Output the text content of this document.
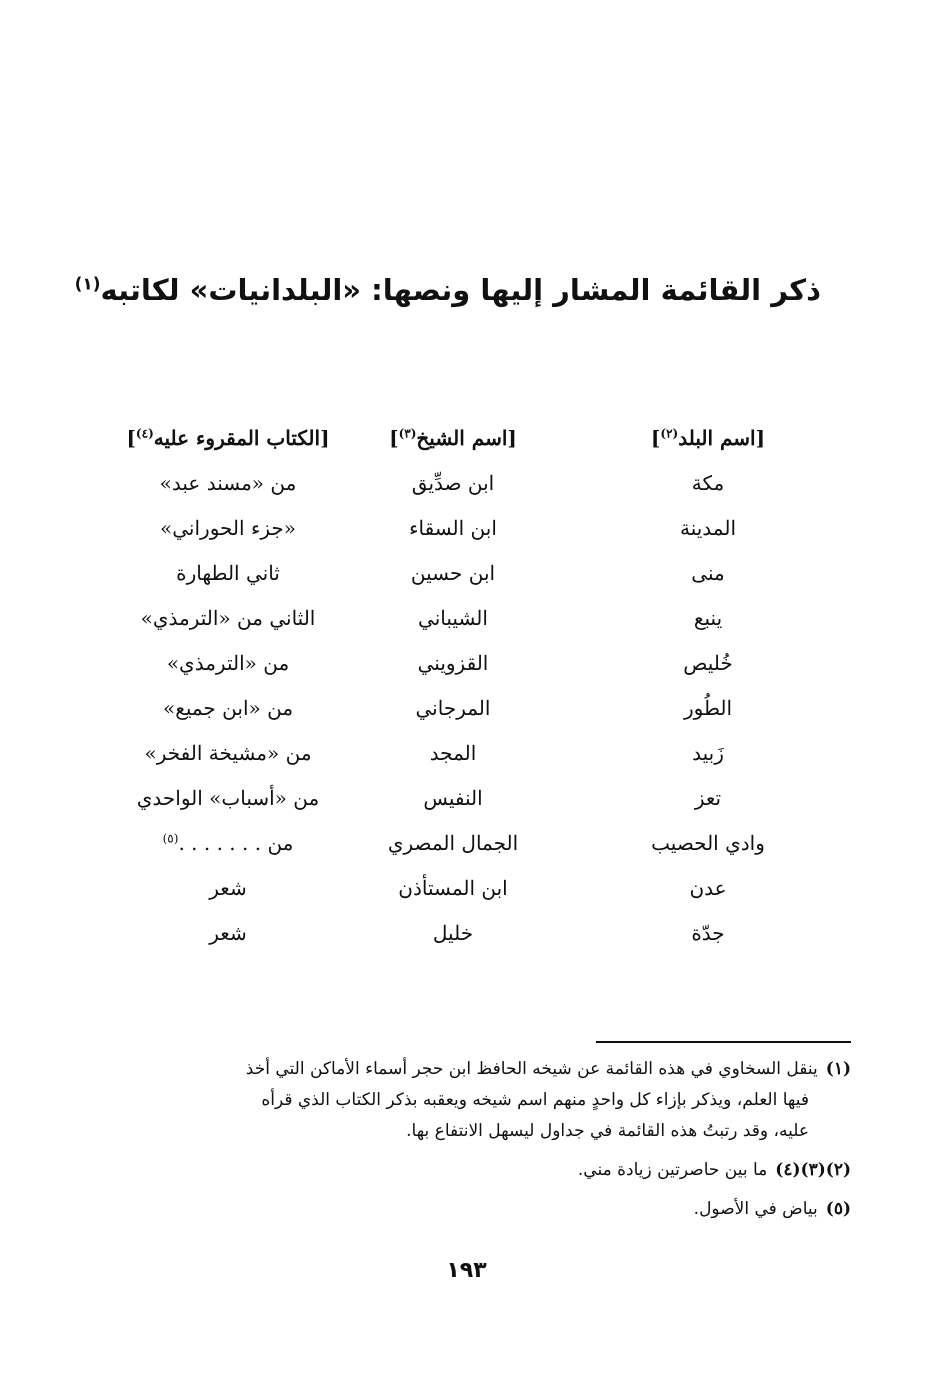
ذكر القائمة المشار إليها ونصها: «البلدانيات» لكاتبه$^{(١)}$
[اسم البلد$^{(٢)}$]
[اسم الشيخ$^{(٣)}$]
[الكتاب المقروء عليه$^{(٤)}$]
مكة
ابن صدِّيق
من «مسند عبد»
المدينة
ابن السقاء
«جزء الحوراني»
منى
ابن حسين
ثاني الطهارة
ينبع
الشيباني
الثاني من «الترمذي»
خُليص
القزويني
من «الترمذي»
الطُور
المرجاني
من «ابن جميع»
زَبيد
المجد
من «مشيخة الفخر»
تعز
النفيس
من «أسباب» الواحدي
وادي الحصيب
الجمال المصري
من . . . . . . .$^{(٥)}$
عدن
ابن المستأذن
شعر
جدّة
خليل
شعر
(١)ينقل السخاوي في هذه القائمة عن شيخه الحافظ ابن حجر أسماء الأماكن التي أخذ
فيها العلم، ويذكر بإزاء كل واحدٍ منهم اسم شيخه ويعقبه بذكر الكتاب الذي قرأه
عليه، وقد رتبتُ هذه القائمة في جداول ليسهل الانتفاع بها.
(٢)(٣)(٤)ما بين حاصرتين زيادة مني.
(٥)بياض في الأصول.
١٩٣
